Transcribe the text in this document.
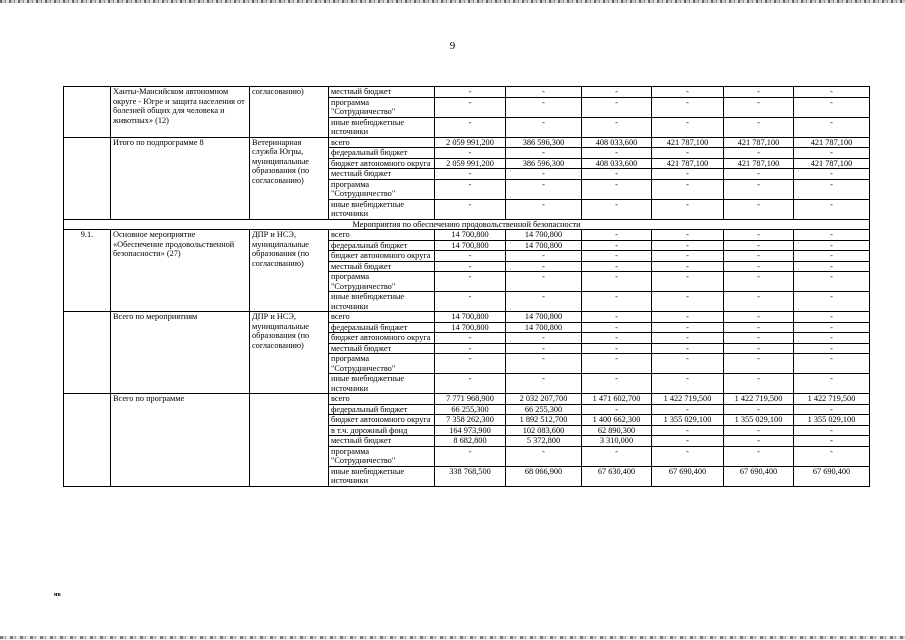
9
	Ханты-Мансийском автономном округе - Югре и защита населения от болезней общих для человека и животных» (12)	согласованию)	местный бюджет	-	-	-	-	-	-
			программа "Сотрудничество"	-	-	-	-	-	-
			иные внебюджетные источники	-	-	-	-	-	-
	Итого по подпрограмме 8	Ветеринарная служба Югры, муниципальные образования (по согласованию)	всего	2 059 991,200	386 596,300	408 033,600	421 787,100	421 787,100	421 787,100
			федеральный бюджет	-	-	-	-	-	-
			бюджет автономного округа	2 059 991,200	386 596,300	408 033,600	421 787,100	421 787,100	421 787,100
			местный бюджет	-	-	-	-	-	-
			программа "Сотрудничество"	-	-	-	-	-	-
			иные внебюджетные источники	-	-	-	-	-	-
Мероприятия по обеспечению продовольственной безопасности									
9.1.	Основное мероприятие «Обеспечение продовольственной безопасности» (27)	ДПР и НСЭ, муниципальные образования (по согласованию)	всего	14 700,800	14 700,800	-	-	-	-
			федеральный бюджет	14 700,800	14 700,800	-	-	-	-
			бюджет автономного округа	-	-	-	-	-	-
			местный бюджет	-	-	-	-	-	-
			программа "Сотрудничество"	-	-	-	-	-	-
			иные внебюджетные источники	-	-	-	-	-	-
	Всего по мероприятиям	ДПР и НСЭ, муниципальные образования (по согласованию)	всего	14 700,800	14 700,800	-	-	-	-
			федеральный бюджет	14 700,800	14 700,800	-	-	-	-
			бюджет автономного округа	-	-	-	-	-	-
			местный бюджет	-	-	-	-	-	-
			программа "Сотрудничество"	-	-	-	-	-	-
			иные внебюджетные источники	-	-	-	-	-	-
	Всего по программе		всего	7 771 968,900	2 032 207,700	1 471 602,700	1 422 719,500	1 422 719,500	1 422 719,500
			федеральный бюджет	66 255,300	66 255,300	-	-	-	-
			бюджет автономного округа	7 358 262,300	1 892 512,700	1 400 662,300	1 355 029,100	1 355 029,100	1 355 029,100
			в т.ч. дорожный фонд	164 973,900	102 083,600	62 890,300	-	-	-
			местный бюджет	8 682,800	5 372,800	3 310,000	-	-	-
			программа "Сотрудничество"	-	-	-	-	-	-
			иные внебюджетные источники	338 768,500	68 066,900	67 630,400	67 690,400	67 690,400	67 690,400
нв
